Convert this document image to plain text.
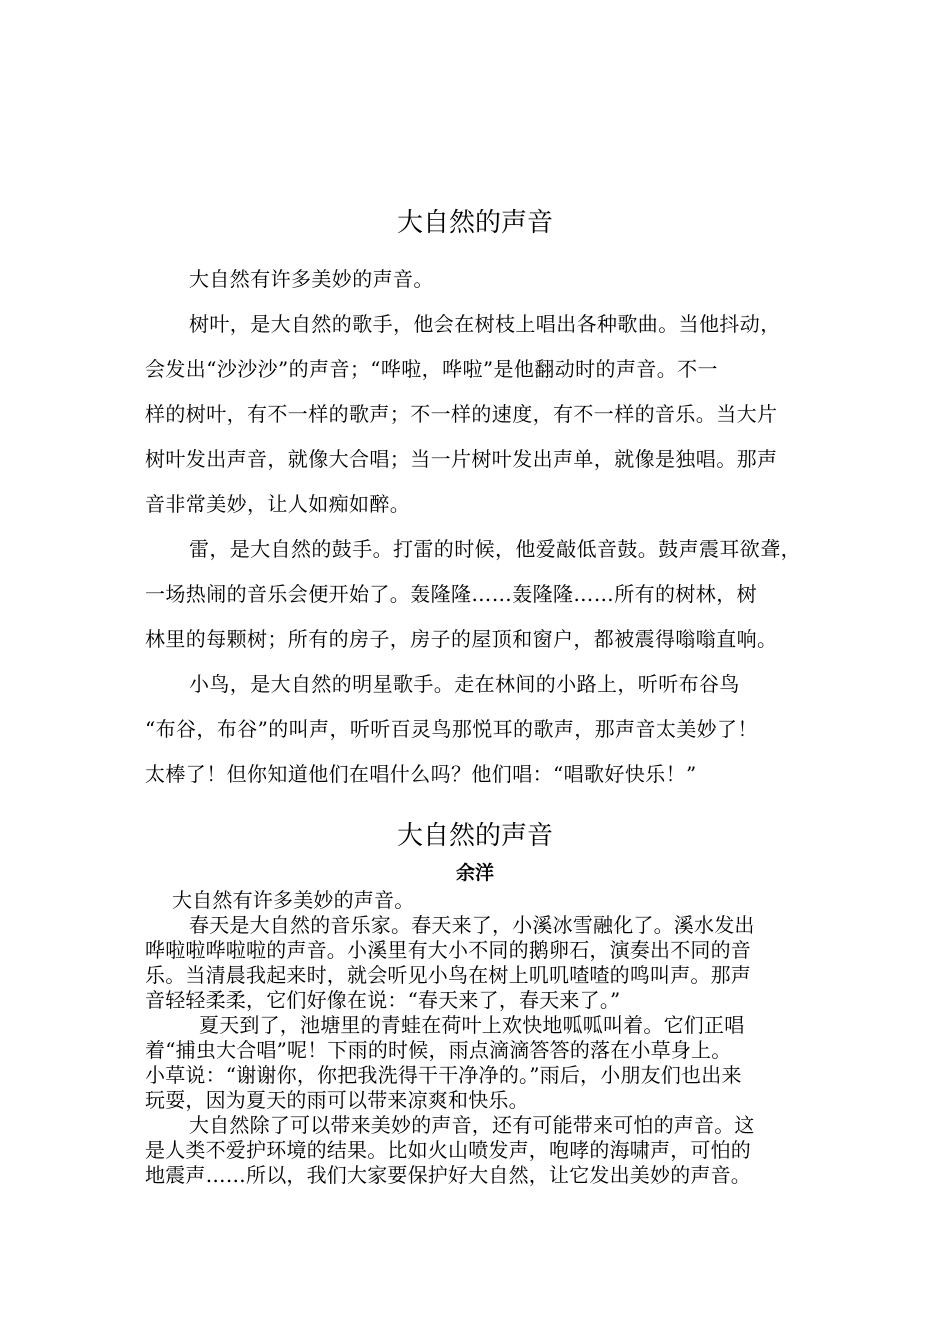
大自然的声音

大自然有许多美妙的声音。

树叶，是大自然的歌手，他会在树枝上唱出各种歌曲。当他抖动，

会发出“沙沙沙”的声音；“哗啦，哗啦”是他翻动时的声音。不一

样的树叶，有不一样的歌声；不一样的速度，有不一样的音乐。当大片

树叶发出声音，就像大合唱；当一片树叶发出声单，就像是独唱。那声

音非常美妙，让人如痴如醉。

雷，是大自然的鼓手。打雷的时候，他爱敲低音鼓。鼓声震耳欲聋，

一场热闹的音乐会便开始了。轰隆隆……轰隆隆……所有的树林，树

林里的每颗树；所有的房子，房子的屋顶和窗户，都被震得嗡嗡直响。

小鸟，是大自然的明星歌手。走在林间的小路上，听听布谷鸟

“布谷，布谷”的叫声，听听百灵鸟那悦耳的歌声，那声音太美妙了！

太棒了！但你知道他们在唱什么吗？他们唱：“唱歌好快乐！”

大自然的声音

余洋

大自然有许多美妙的声音。

春天是大自然的音乐家。春天来了，小溪冰雪融化了。溪水发出

哗啦啦哗啦啦的声音。小溪里有大小不同的鹅卵石，演奏出不同的音

乐。当清晨我起来时，就会听见小鸟在树上叽叽喳喳的鸣叫声。那声

音轻轻柔柔，它们好像在说：“春天来了，春天来了。”

夏天到了，池塘里的青蛙在荷叶上欢快地呱呱叫着。它们正唱

着“捕虫大合唱”呢！下雨的时候，雨点滴滴答答的落在小草身上。

小草说：“谢谢你，你把我洗得干干净净的。”雨后，小朋友们也出来

玩耍，因为夏天的雨可以带来凉爽和快乐。

大自然除了可以带来美妙的声音，还有可能带来可怕的声音。这

是人类不爱护环境的结果。比如火山喷发声，咆哮的海啸声，可怕的

地震声……所以，我们大家要保护好大自然，让它发出美妙的声音。
